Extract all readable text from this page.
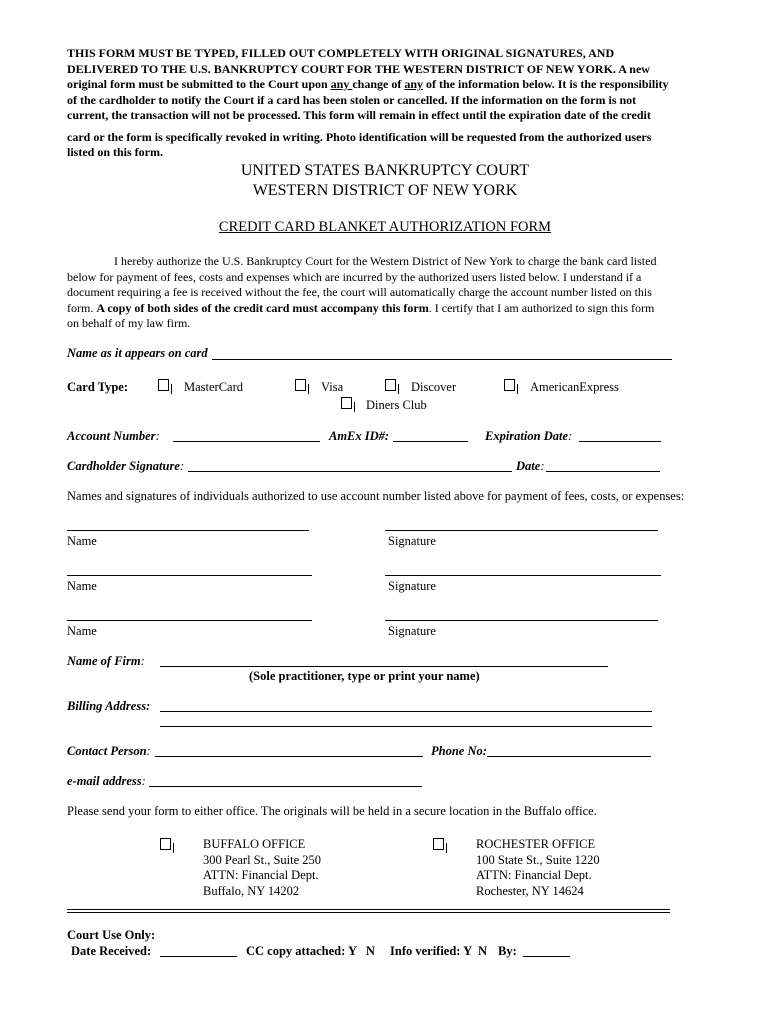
THIS FORM MUST BE TYPED, FILLED OUT COMPLETELY WITH ORIGINAL SIGNATURES, AND
DELIVERED TO THE U.S. BANKRUPTCY COURT FOR THE WESTERN DISTRICT OF NEW YORK. A new
original form must be submitted to the Court upon any change of any of the information below. It is the responsibility
of the cardholder to notify the Court if a card has been stolen or cancelled. If the information on the form is not
current, the transaction will not be processed. This form will remain in effect until the expiration date of the credit
card or the form is specifically revoked in writing. Photo identification will be requested from the authorized users
listed on this form.
UNITED STATES BANKRUPTCY COURT
WESTERN DISTRICT OF NEW YORK
CREDIT CARD BLANKET AUTHORIZATION FORM
I hereby authorize the U.S. Bankruptcy Court for the Western District of New York to charge the bank card listed
below for payment of fees, costs and expenses which are incurred by the authorized users listed below. I understand if a
document requiring a fee is received without the fee, the court will automatically charge the account number listed on this
form. A copy of both sides of the credit card must accompany this form. I certify that I am authorized to sign this form
on behalf of my law firm.
Name as it appears on card
Card Type:	MasterCard	Visa	Discover	AmericanExpress
Diners Club
Account Number:	AmEx ID#:	Expiration Date:
Cardholder Signature:	Date:
Names and signatures of individuals authorized to use account number listed above for payment of fees, costs, or expenses:
Name	Signature
Name	Signature
Name	Signature
Name of Firm:
(Sole practitioner, type or print your name)
Billing Address:
Contact Person:	Phone No:
e-mail address:
Please send your form to either office. The originals will be held in a secure location in the Buffalo office.
BUFFALO OFFICE
300 Pearl St., Suite 250
ATTN: Financial Dept.
Buffalo, NY 14202
ROCHESTER OFFICE
100 State St., Suite 1220
ATTN: Financial Dept.
Rochester, NY 14624
Court Use Only:
Date Received:	CC copy attached: Y   N Info verified: Y  N By:
